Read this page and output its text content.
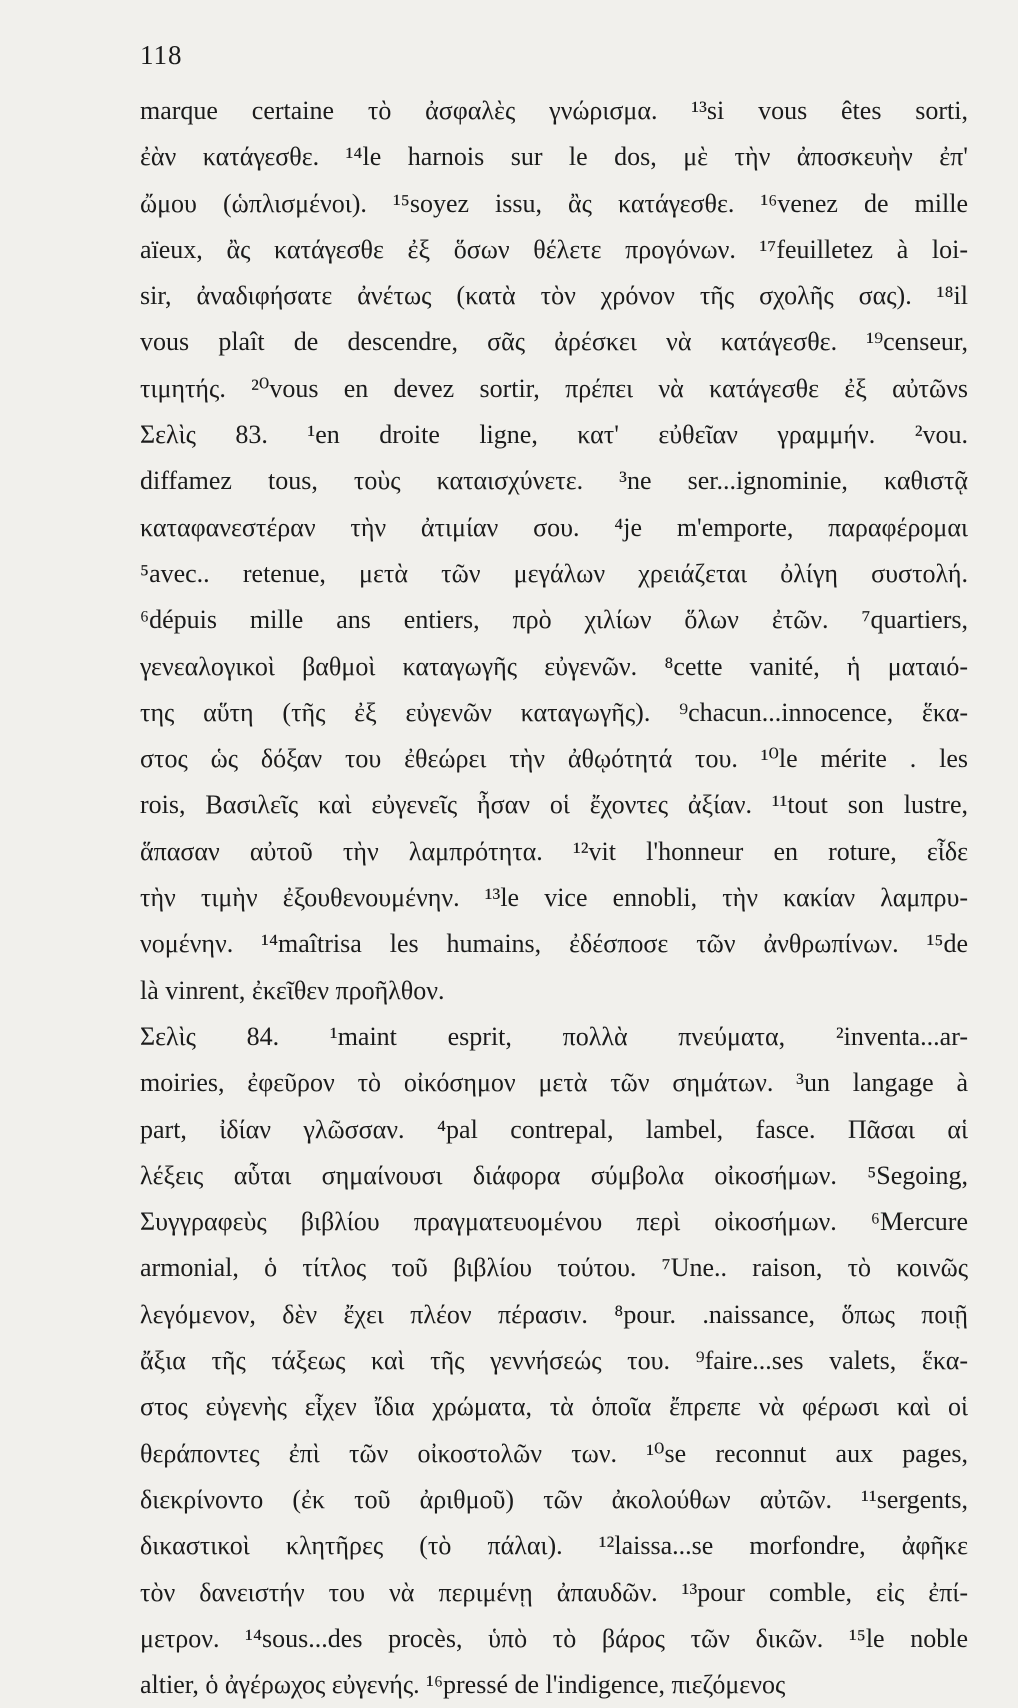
118
marque certaine τὸ ἀσφαλὲς γνώρισμα. ¹³si vous êtes sorti,
ἐὰν κατάγεσθε. ¹⁴le harnois sur le dos, μὲ τὴν ἀποσκευὴν ἐπ'
ὤμου (ὡπλισμένοι). ¹⁵soyez issu, ἂς κατάγεσθε. ¹⁶venez de mille
aïeux, ἂς κατάγεσθε ἐξ ὅσων θέλετε προγόνων. ¹⁷feuilletez à loi-
sir, ἀναδιφήσατε ἀνέτως (κατὰ τὸν χρόνον τῆς σχολῆς σας). ¹⁸il
vous plaît de descendre, σᾶς ἀρέσκει νὰ κατάγεσθε. ¹⁹censeur,
τιμητής. ²⁰vous en devez sortir, πρέπει νὰ κατάγεσθε ἐξ αὐτῶνs
Σελὶς 83. ¹en droite ligne, κατ' εὐθεῖαν γραμμήν. ²vou.
diffamez tous, τοὺς καταισχύνετε. ³ne ser...ignominie, καθιστᾷ
καταφανεστέραν τὴν ἀτιμίαν σου. ⁴je m'emporte, παραφέρομαι
⁵avec.. retenue, μετὰ τῶν μεγάλων χρειάζεται ὀλίγη συστολή.
⁶dépuis mille ans entiers, πρὸ χιλίων ὅλων ἐτῶν. ⁷quartiers,
γενεαλογικοὶ βαθμοὶ καταγωγῆς εὐγενῶν. ⁸cette vanité, ἡ ματαιό-
της αὕτη (τῆς ἐξ εὐγενῶν καταγωγῆς). ⁹chacun...innocence, ἕκα-
στος ὡς δόξαν του ἐθεώρει τὴν ἀθῳότητά του. ¹⁰le mérite . les
rois, Βασιλεῖς καὶ εὐγενεῖς ἦσαν οἱ ἔχοντες ἀξίαν. ¹¹tout son lustre,
ἅπασαν αὐτοῦ τὴν λαμπρότητα. ¹²vit l'honneur en roture, εἶδε
τὴν τιμὴν ἐξουθενουμένην. ¹³le vice ennobli, τὴν κακίαν λαμπρυ-
νομένην. ¹⁴maîtrisa les humains, ἐδέσποσε τῶν ἀνθρωπίνων. ¹⁵de
là vinrent, ἐκεῖθεν προῆλθον.
Σελὶς 84. ¹maint esprit, πολλὰ πνεύματα, ²inventa...ar-
moiries, ἐφεῦρον τὸ οἰκόσημον μετὰ τῶν σημάτων. ³un langage à
part, ἰδίαν γλῶσσαν. ⁴pal contrepal, lambel, fasce. Πᾶσαι αἱ
λέξεις αὗται σημαίνουσι διάφορα σύμβολα οἰκοσήμων. ⁵Segoing,
Συγγραφεὺς βιβλίου πραγματευομένου περὶ οἰκοσήμων. ⁶Mercure
armonial, ὁ τίτλος τοῦ βιβλίου τούτου. ⁷Une.. raison, τὸ κοινῶς
λεγόμενον, δὲν ἔχει πλέον πέρασιν. ⁸pour. .naissance, ὅπως ποιῇ
ἄξια τῆς τάξεως καὶ τῆς γεννήσεώς του. ⁹faire...ses valets, ἕκα-
στος εὐγενὴς εἶχεν ἴδια χρώματα, τὰ ὁποῖα ἔπρεπε νὰ φέρωσι καὶ οἱ
θεράποντες ἐπὶ τῶν οἰκοστολῶν των. ¹⁰se reconnut aux pages,
διεκρίνοντο (ἐκ τοῦ ἀριθμοῦ) τῶν ἀκολούθων αὐτῶν. ¹¹sergents,
δικαστικοὶ κλητῆρες (τὸ πάλαι). ¹²laissa...se morfondre, ἀφῆκε
τὸν δανειστήν του νὰ περιμένῃ ἀπαυδῶν. ¹³pour comble, εἰς ἐπί-
μετρον. ¹⁴sous...des procès, ὑπὸ τὸ βάρος τῶν δικῶν. ¹⁵le noble
altier, ὁ ἀγέρωχος εὐγενής. ¹⁶pressé de l'indigence, πιεζόμενος
